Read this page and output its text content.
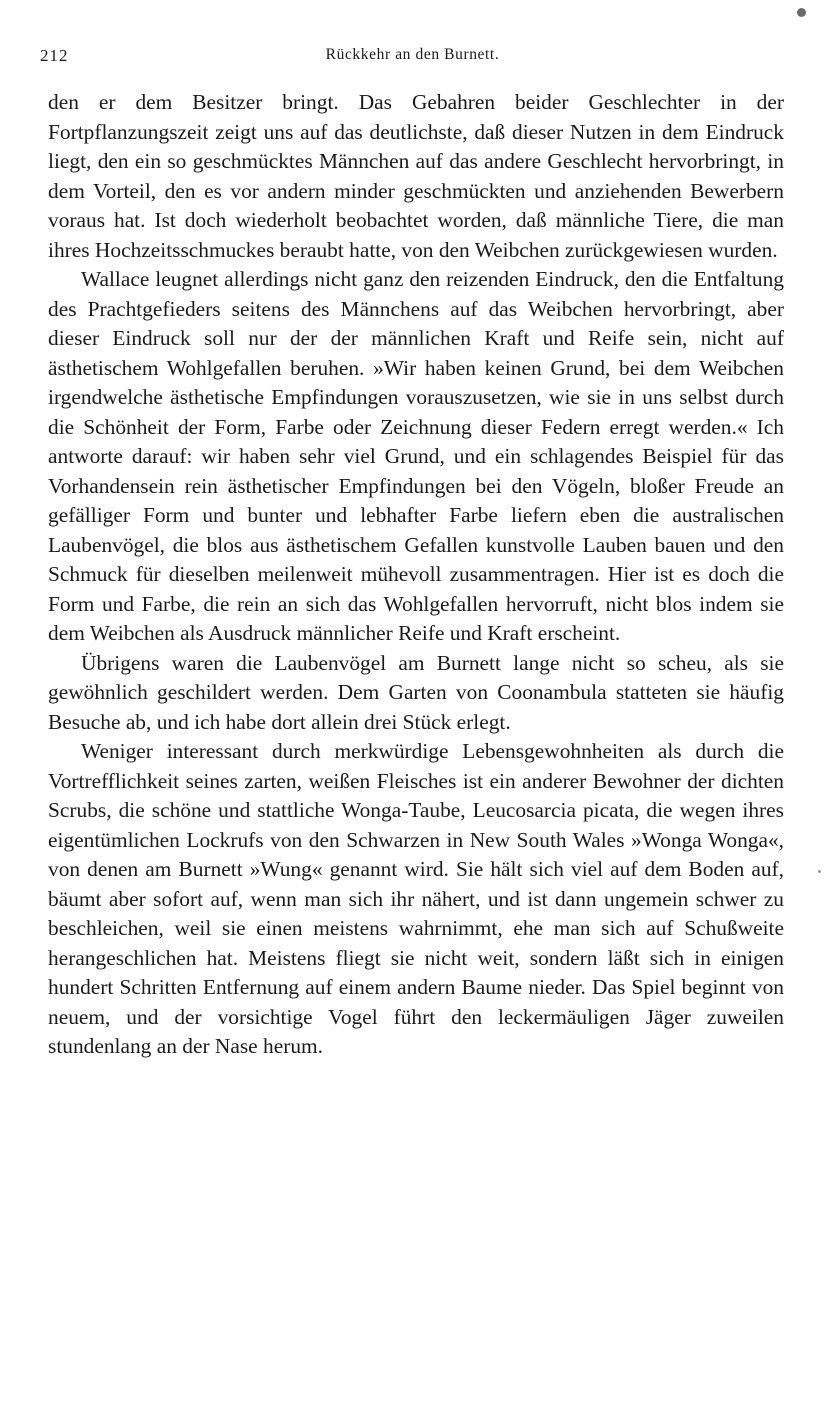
212	Rückkehr an den Burnett.

den er dem Besitzer bringt. Das Gebahren beider Geschlechter in der Fortpflanzungszeit zeigt uns auf das deutlichste, daß dieser Nutzen in dem Eindruck liegt, den ein so geschmücktes Männchen auf das andere Geschlecht hervorbringt, in dem Vorteil, den es vor andern minder geschmückten und anziehenden Bewerbern voraus hat. Ist doch wiederholt beobachtet worden, daß männliche Tiere, die man ihres Hochzeitsschmuckes beraubt hatte, von den Weibchen zurückgewiesen wurden.

Wallace leugnet allerdings nicht ganz den reizenden Eindruck, den die Entfaltung des Prachtgefieders seitens des Männchens auf das Weibchen hervorbringt, aber dieser Eindruck soll nur der der männlichen Kraft und Reife sein, nicht auf ästhetischem Wohlgefallen beruhen. »Wir haben keinen Grund, bei dem Weibchen irgendwelche ästhetische Empfindungen vorauszusetzen, wie sie in uns selbst durch die Schönheit der Form, Farbe oder Zeichnung dieser Federn erregt werden.« Ich antworte darauf: wir haben sehr viel Grund, und ein schlagendes Beispiel für das Vorhandensein rein ästhetischer Empfindungen bei den Vögeln, bloßer Freude an gefälliger Form und bunter und lebhafter Farbe liefern eben die australischen Laubenvögel, die blos aus ästhetischem Gefallen kunstvolle Lauben bauen und den Schmuck für dieselben meilenweit mühevoll zusammentragen. Hier ist es doch die Form und Farbe, die rein an sich das Wohlgefallen hervorruft, nicht blos indem sie dem Weibchen als Ausdruck männlicher Reife und Kraft erscheint.

Übrigens waren die Laubenvögel am Burnett lange nicht so scheu, als sie gewöhnlich geschildert werden. Dem Garten von Coonambula statteten sie häufig Besuche ab, und ich habe dort allein drei Stück erlegt.

Weniger interessant durch merkwürdige Lebensgewohnheiten als durch die Vortrefflichkeit seines zarten, weißen Fleisches ist ein anderer Bewohner der dichten Scrubs, die schöne und stattliche Wonga-Taube, Leucosarcia picata, die wegen ihres eigentümlichen Lockrufs von den Schwarzen in New South Wales »Wonga Wonga«, von denen am Burnett »Wung« genannt wird. Sie hält sich viel auf dem Boden auf, bäumt aber sofort auf, wenn man sich ihr nähert, und ist dann ungemein schwer zu beschleichen, weil sie einen meistens wahrnimmt, ehe man sich auf Schußweite herangeschlichen hat. Meistens fliegt sie nicht weit, sondern läßt sich in einigen hundert Schritten Entfernung auf einem andern Baume nieder. Das Spiel beginnt von neuem, und der vorsichtige Vogel führt den leckermäuligen Jäger zuweilen stundenlang an der Nase herum.
